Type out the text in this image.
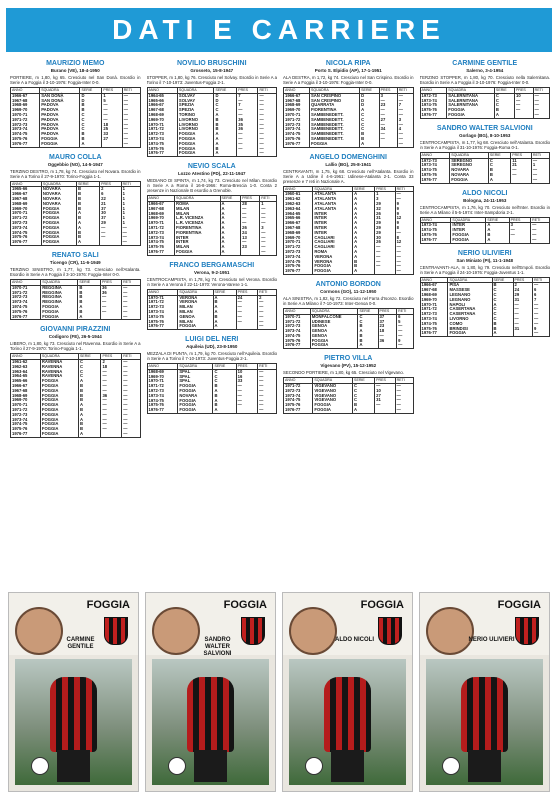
DATI E CARRIERE
MAURIZIO MEMO
Burano (VE), 18-4-1950
PORTIERE, m 1,80, kg 65. Cresciuto nel San Donà. Esordio in Serie A a Foggia il 3-10-1976: Foggia-Inter 0-0.
ANNO	SQUADRA	SERIE	PRES	RETI
1966-67	SAN DONÀ	D	1	—
1967-68	SAN DONÀ	D	5	—
1968-69	PADOVA	B	—	—
1969-70	PADOVA	B	—	—
1970-71	PADOVA	C	—	—
1971-72	PADOVA	C	—	—
1972-73	PADOVA	C	18	—
1973-74	PADOVA	C	25	—
1974-75	PADOVA	B	33	—
1975-76	FOGGIA	B	27	—
1976-77	FOGGIA	A		—
MAURO COLLA
Oggebbio (NO), 14-5-1947
TERZINO DESTRO, m 1,78, kg 74. Cresciuto nel Novara. Esordio in Serie A a Torino il 27-9-1970: Torino-Foggia 1-1.
ANNO	SQUADRA	SERIE	PRES	RETI
1965-66	NOVARA	B	2	1
1966-67	NOVARA	B	6	1
1967-68	NOVARA	B	22	1
1968-69	NOVARA	B	21	1
1969-70	FOGGIA	B	37	1
1970-71	FOGGIA	A	30	1
1971-72	FOGGIA	B	37	1
1972-73	FOGGIA	A	29	1
1973-74	FOGGIA	A	—	—
1974-75	FOGGIA	B	—	—
1975-76	FOGGIA	B	—	—
1976-77	FOGGIA	A		—
RENATO SALI
Ticengo (CR), 11-6-1949
TERZINO SINISTRO, m 1,77, kg 73. Cresciuto nell'Atalanta. Esordio in Serie A a Foggia il 3-10-1976: Foggia-Inter 0-0.
ANNO	SQUADRA	SERIE	PRES	RETI
1970-71	REGGINA	B	36	—
1971-72	REGGINA	B	36	—
1972-73	REGGINA	B	—	—
1973-74	REGGINA	B	—	—
1974-75	FOGGIA	A	—	—
1975-76	FOGGIA	B	—	—
1976-77	FOGGIA	A		—
GIOVANNI PIRAZZINI
Codigoro (FE), 26-5-1944
LIBERO, m 1,80, kg 73. Cresciuto nel Ravenna. Esordio in Serie A a Torino il 27-9-1970: Torino-Foggia 1-1.
ANNO	SQUADRA	SERIE	PRES	RETI
1961-62	RAVENNA	C	2	—
1962-63	RAVENNA	C	18	—
1963-64	RAVENNA	C	—	—
1964-65	RAVENNA	C	—	—
1965-66	FOGGIA	A	—	—
1966-67	FOGGIA	B	—	—
1967-68	FOGGIA	B	—	—
1968-69	FOGGIA	B	36	—
1969-70	FOGGIA	B	—	—
1970-71	FOGGIA	A	—	—
1971-72	FOGGIA	B	—	—
1972-73	FOGGIA	A	—	—
1973-74	FOGGIA	A	—	—
1974-75	FOGGIA	B	—	—
1975-76	FOGGIA	B	—	—
1976-77	FOGGIA	A		—
NOVILIO BRUSCHINI
Grosseto, 15-8-1947
STOPPER, m 1,80, kg 76. Cresciuto nel Solvay. Esordio in Serie A a Torino il 7-10-1973: Juventus-Foggia 2-1.
ANNO	SQUADRA	SERIE	PRES	RETI
1964-65	SOLVAY	D	7	—
1965-66	SOLVAY	D	—	—
1966-67	SPEZIA	C	7	—
1967-68	SPEZIA	C	—	—
1968-69	TORINO	A	—	—
1969-70	LIVORNO	B	36	—
1970-71	LIVORNO	B	35	—
1971-72	LIVORNO	B	36	—
1972-73	FOGGIA	A	—	—
1973-74	FOGGIA	A	—	—
1974-75	FOGGIA	A	—	—
1975-76	FOGGIA	B	—	—
1976-77	FOGGIA	A		—
NEVIO SCALA
Lozzo Atestino (PD), 22-11-1947
MEDIANO DI SPINTA, m 1,74, kg 73. Cresciuto nel Milan. Esordio in Serie A a Roma il 16-8-1966: Roma-Brescia 1-0. Conta 2 presenze in Nazionale B esordio a Grenoble.
ANNO	SQUADRA	SERIE	PRES	RETI
1966-67	ROMA	A	28	1
1967-68	MILAN	A	—	—
1968-69	MILAN	A	—	—
1969-70	L.R. VICENZA	A	—	—
1970-71	L.R. VICENZA	A	—	—
1971-72	FIORENTINA	A	26	3
1972-73	FIORENTINA	A	24	—
1973-74	INTER	A	13	—
1974-75	INTER	A	—	—
1975-76	MILAN	A	23	—
1976-77	FOGGIA	A		—
FRANCO BERGAMASCHI
Verona, 9-2-1951
CENTROCAMPISTA, m 1,78, kg 74. Cresciuto nel Verona. Esordio in Serie A a Verona il 22-11-1970: Verona-Varese 1-1.
ANNO	SQUADRA	SERIE	PRES	RETI
1970-71	VERONA	A	24	2
1971-72	VERONA	B	—	—
1972-73	MILAN	A	—	—
1973-74	MILAN	A	—	—
1974-75	GENOA	B	—	—
1975-76	MILAN	A	—	—
1976-77	FOGGIA	A		—
LUIGI DEL NERI
Aquileia (UD), 23-8-1950
MEZZALA DI PUNTA, m 1,79, kg 70. Cresciuto nell'Aquileia. Esordio in Serie A a Torino il 7-10-1973: Juventus-Foggia 2-1.
ANNO	SQUADRA	SERIE	PRES	RETI
1968-69	SPAL	C	10	—
1969-70	SPAL	C	16	—
1970-71	SPAL	C	33	—
1971-72	FOGGIA	B	—	—
1972-73	FOGGIA	A	—	—
1973-74	NOVARA	B	—	—
1974-75	FOGGIA	A	—	—
1975-76	FOGGIA	B	—	—
1976-77	FOGGIA	A		—
NICOLA RIPA
Porto S. Elpidio (AP), 17-1-1951
ALA DESTRA, m 1,72, kg 74. Cresciuto nel San Crispino. Esordio in Serie A a Foggia il 3-10-1976: Foggia-Inter 0-0.
ANNO	SQUADRA	SERIE	PRES	RETI
1966-67	SAN CRISPINO	D	3	—
1967-68	SAN CRISPINO	D	—	—
1968-69	QUARRATA	D	23	7
1969-70	FIORENTINA	A	—	—
1970-71	SAMBENEDETT.	C	—	—
1971-72	SAMBENEDETT.	C	27	3
1972-73	SAMBENEDETT.	C	—	—
1973-74	SAMBENEDETT.	C	34	4
1974-75	SAMBENEDETT.	B	—	—
1975-76	SAMBENEDETT.	B	—	—
1976-77	FOGGIA	A		—
ANGELO DOMENGHINI
Lallio (BG), 25-8-1941
CENTRAVANTI, m 1,75, kg 68. Cresciuto nell'Atalanta. Esordio in Serie A a Udine il 4-6-1961: Udinese-Atalanta 2-1. Conta 33 presenze e 7 reti in Nazionale A.
ANNO	SQUADRA	SERIE	PRES	RETI
1960-61	ATALANTA	A	1	—
1961-62	ATALANTA	A	3	—
1962-63	ATALANTA	A	29	9
1963-64	ATALANTA	A	32	9
1964-65	INTER	A	26	9
1965-66	INTER	A	31	12
1966-67	INTER	A	29	9
1967-68	INTER	A	29	8
1968-69	INTER	A	29	—
1969-70	CAGLIARI	A	30	8
1970-71	CAGLIARI	A	26	12
1971-72	CAGLIARI	A	—	—
1972-73	ROMA	A	—	—
1973-74	VERONA	A	—	—
1974-75	VERONA	B	—	—
1975-76	FOGGIA	B	—	—
1976-77	FOGGIA	A		—
ANTONIO BORDON
Cormons (GO), 11-12-1950
ALA SINISTRA, m 1,82, kg 72. Cresciuto nel Farra d'Isonzo. Esordio in Serie A a Milano il 7-10-1973: Inter-Genoa 0-0.
ANNO	SQUADRA	SERIE	PRES	RETI
1970-71	MONFALCONE	C	37	6
1971-72	UDINESE	C	37	5
1972-73	GENOA	B	23	—
1973-74	GENOA	A	18	—
1974-75	GENOA	B	—	—
1975-76	FOGGIA	B	36	9
1976-77	FOGGIA	A		—
PIETRO VILLA
Vigevano (PV), 15-12-1952
SECONDO PORTIERE, m 1,80, kg 65. Cresciuto nel Vigevano.
ANNO	SQUADRA	SERIE	PRES	RETI
1971-72	VIGEVANO	C	—	—
1972-73	VIGEVANO	C	10	—
1973-74	VIGEVANO	C	27	—
1974-75	VIGEVANO	C	31	—
1975-76	FOGGIA	B	—	—
1976-77	FOGGIA	A		—
CARMINE GENTILE
Salerno, 3-4-1954
TERZINO STOPPER, m 1,80, kg 70. Cresciuto nella Salernitana. Esordio in Serie A a Foggia il 3-10-1976: Foggia-Inter 0-0.
ANNO	SQUADRA	SERIE	PRES	RETI
1972-73	SALERNITANA	C	10	—
1973-74	SALERNITANA	C	—	—
1974-75	SALERNITANA	C	—	—
1975-76	FOGGIA	B	—	—
1976-77	FOGGIA	A		—
SANDRO WALTER SALVIONI
Gorlago (BG), 8-10-1953
CENTROCAMPISTA, m 1,77, kg 68. Cresciuto nell'Atalanta. Esordio in Serie A a Foggia il 31-10-1976: Foggia-Roma 0-1.
ANNO	SQUADRA	SERIE	PRES	RETI
1972-73	SEREGNO	C	11	—
1973-74	SEREGNO	C	21	1
1974-75	NOVARA	B	—	—
1975-76	NOVARA	B	—	—
1976-77	FOGGIA	A		—
ALDO NICOLI
Bologna, 24-11-1953
CENTROCAMPISTA, m 1,76, kg 70. Cresciuto nell'Inter. Esordio in Serie A a Milano il 5-5-1974: Inter-Sampdoria 2-1.
ANNO	SQUADRA	SERIE	PRES	RETI
1973-74	INTER	A	3	—
1974-75	INTER	A	—	—
1975-76	FOGGIA	B	—	—
1976-77	FOGGIA	A		—
NERIO ULIVIERI
San Miniato (PI), 11-1-1948
CENTRAVANTI-ALA, m 1,80, kg 79. Cresciuto nell'Empoli. Esordio in Serie A a Foggia il 24-10-1976: Foggia-Juventus 1-1.
ANNO	SQUADRA	SERIE	PRES	RETI
1966-67	PISA	B	2	—
1967-68	MASSESE	C	24	6
1968-69	LEGNANO	C	29	6
1969-70	LEGNANO	C	31	7
1970-71	NAPOLI	A	—	—
1971-72	CASERTANA	C	—	—
1972-73	CASERTANA	C	—	—
1973-74	LIVORNO	C	—	—
1974-75	COMO	B	—	—
1975-76	BRINDISI	B	31	9
1976-77	FOGGIA	A		—
FOGGIA
CARMINE GENTILE
FOGGIA
SANDRO WALTER SALVIONI
FOGGIA
ALDO NICOLI
FOGGIA
NERIO ULIVIERI
